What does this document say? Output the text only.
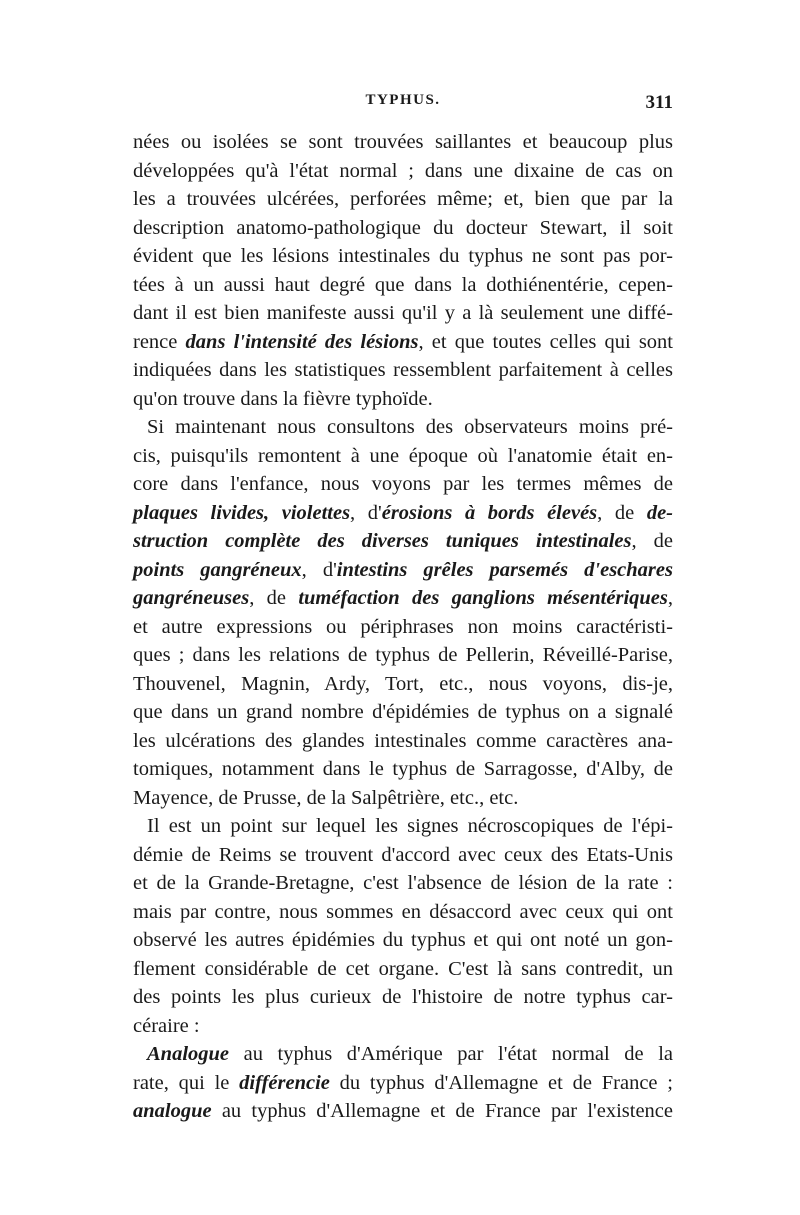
TYPHUS.	311
nées ou isolées se sont trouvées saillantes et beaucoup plus
développées qu'à l'état normal ; dans une dixaine de cas on
les a trouvées ulcérées, perforées même; et, bien que par la
description anatomo-pathologique du docteur Stewart, il soit
évident que les lésions intestinales du typhus ne sont pas por-
tées à un aussi haut degré que dans la dothiénentérie, cepen-
dant il est bien manifeste aussi qu'il y a là seulement une diffé-
rence dans l'intensité des lésions, et que toutes celles qui sont
indiquées dans les statistiques ressemblent parfaitement à celles
qu'on trouve dans la fièvre typhoïde.
Si maintenant nous consultons des observateurs moins pré-
cis, puisqu'ils remontent à une époque où l'anatomie était en-
core dans l'enfance, nous voyons par les termes mêmes de
plaques livides, violettes, d'érosions à bords élevés, de de-
struction complète des diverses tuniques intestinales, de
points gangréneux, d'intestins grêles parsemés d'eschares
gangréneuses, de tuméfaction des ganglions mésentériques,
et autre expressions ou périphrases non moins caractéristi-
ques ; dans les relations de typhus de Pellerin, Réveillé-Parise,
Thouvenel, Magnin, Ardy, Tort, etc., nous voyons, dis-je,
que dans un grand nombre d'épidémies de typhus on a signalé
les ulcérations des glandes intestinales comme caractères ana-
tomiques, notamment dans le typhus de Sarragosse, d'Alby, de
Mayence, de Prusse, de la Salpêtrière, etc., etc.
Il est un point sur lequel les signes nécroscopiques de l'épi-
démie de Reims se trouvent d'accord avec ceux des Etats-Unis
et de la Grande-Bretagne, c'est l'absence de lésion de la rate :
mais par contre, nous sommes en désaccord avec ceux qui ont
observé les autres épidémies du typhus et qui ont noté un gon-
flement considérable de cet organe. C'est là sans contredit, un
des points les plus curieux de l'histoire de notre typhus car-
céraire :
Analogue au typhus d'Amérique par l'état normal de la
rate, qui le différencie du typhus d'Allemagne et de France ;
analogue au typhus d'Allemagne et de France par l'existence
